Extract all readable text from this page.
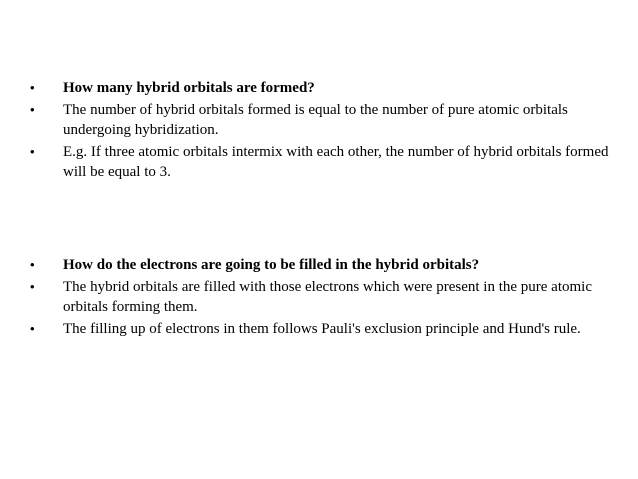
•	How many hybrid orbitals are formed?
•	The number of hybrid orbitals formed is equal to the number of pure atomic orbitals undergoing hybridization.
•	E.g. If three atomic orbitals intermix with each other, the number of hybrid orbitals formed will be equal to 3.
•	How do the electrons are going to be filled in the hybrid orbitals?
•	The hybrid orbitals are filled with those electrons which were present in the pure atomic orbitals forming them.
•	The filling up of electrons in them follows Pauli's exclusion principle and Hund's rule.
